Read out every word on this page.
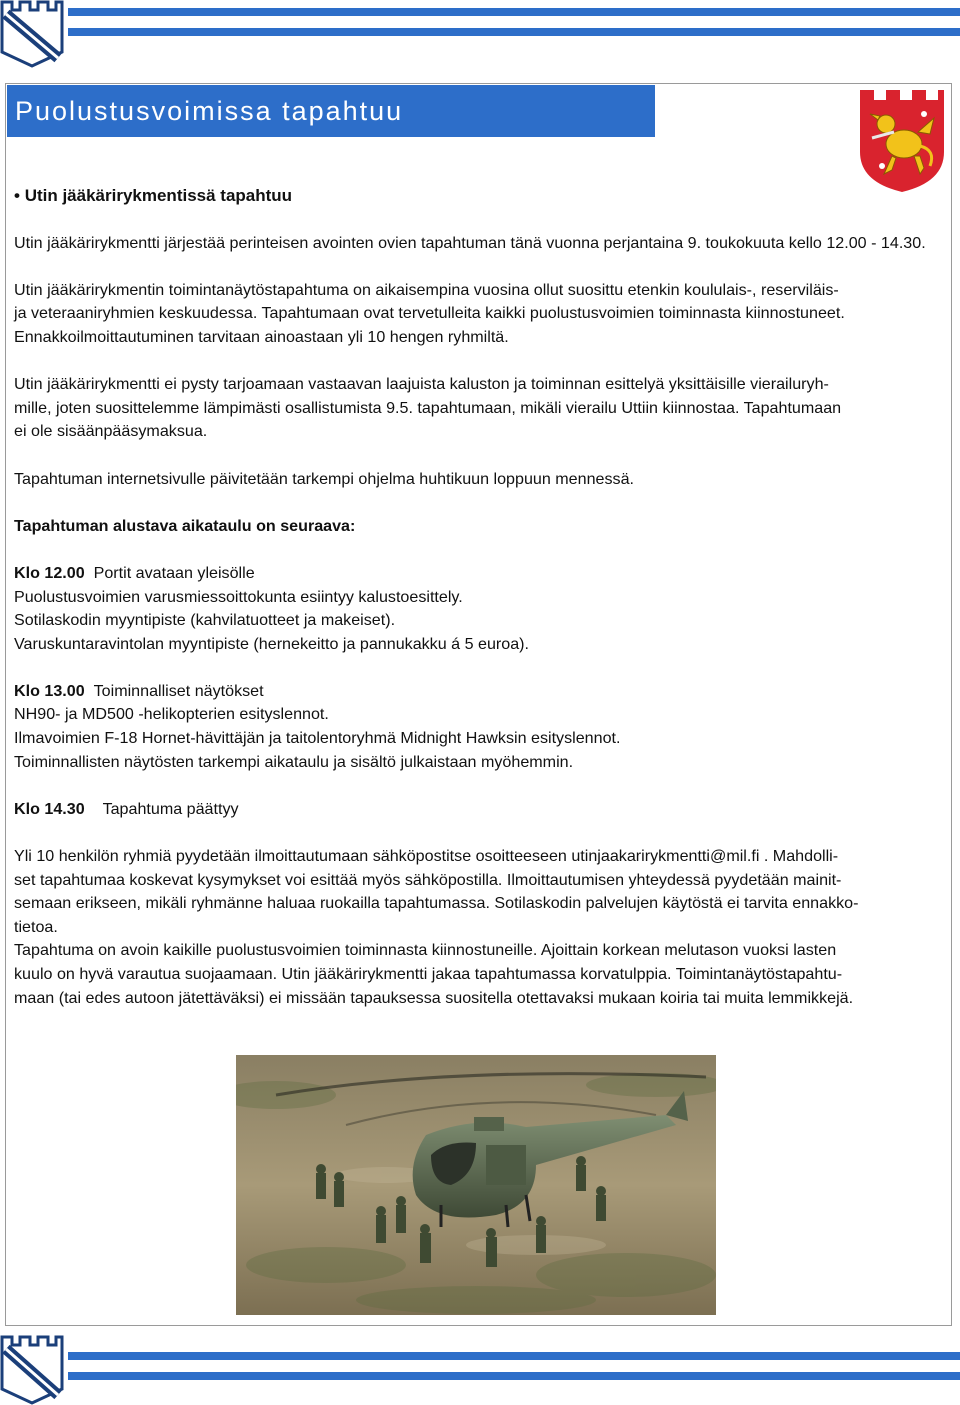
Puolustusvoimissa tapahtuu

• Utin jääkärirykmentissä tapahtuu

Utin jääkärirykmentti järjestää perinteisen avointen ovien tapahtuman tänä vuonna perjantaina 9. toukokuuta kello 12.00 - 14.30.

Utin jääkärirykmentin toimintanäytöstapahtuma on aikaisempina vuosina ollut suosittu etenkin koululais-, reserviläis-

ja veteraaniryhmien keskuudessa. Tapahtumaan ovat tervetulleita kaikki puolustusvoimien toiminnasta kiinnostuneet.

Ennakkoilmoittautuminen tarvitaan ainoastaan yli 10 hengen ryhmiltä.

Utin jääkärirykmentti ei pysty tarjoamaan vastaavan laajuista kaluston ja toiminnan esittelyä yksittäisille vierailuryh-

mille, joten suosittelemme lämpimästi osallistumista 9.5. tapahtumaan, mikäli vierailu Uttiin kiinnostaa. Tapahtumaan

ei ole sisäänpääsymaksua.

Tapahtuman internetsivulle päivitetään tarkempi ohjelma huhtikuun loppuun mennessä.

Tapahtuman alustava aikataulu on seuraava:

Klo 12.00 Portit avataan yleisölle

Puolustusvoimien varusmiessoittokunta esiintyy kalustoesittely.

Sotilaskodin myyntipiste (kahvilatuotteet ja makeiset).

Varuskuntaravintolan myyntipiste (hernekeitto ja pannukakku á 5 euroa).

Klo 13.00 Toiminnalliset näytökset

NH90- ja MD500 -helikopterien esityslennot.

Ilmavoimien F-18 Hornet-hävittäjän ja taitolentoryhmä Midnight Hawksin esityslennot.

Toiminnallisten näytösten tarkempi aikataulu ja sisältö julkaistaan myöhemmin.

Klo 14.30 Tapahtuma päättyy

Yli 10 henkilön ryhmiä pyydetään ilmoittautumaan sähköpostitse osoitteeseen utinjaakarirykmentti@mil.fi . Mahdolli-

set tapahtumaa koskevat kysymykset voi esittää myös sähköpostilla. Ilmoittautumisen yhteydessä pyydetään mainit-

semaan erikseen, mikäli ryhmänne haluaa ruokailla tapahtumassa. Sotilaskodin palvelujen käytöstä ei tarvita ennakko-

tietoa.

Tapahtuma on avoin kaikille puolustusvoimien toiminnasta kiinnostuneille. Ajoittain korkean melutason vuoksi lasten

kuulo on hyvä varautua suojaamaan. Utin jääkärirykmentti jakaa tapahtumassa korvatulppia. Toimintanäytöstapahtu-

maan (tai edes autoon jätettäväksi) ei missään tapauksessa suositella otettavaksi mukaan koiria tai muita lemmikkejä.
